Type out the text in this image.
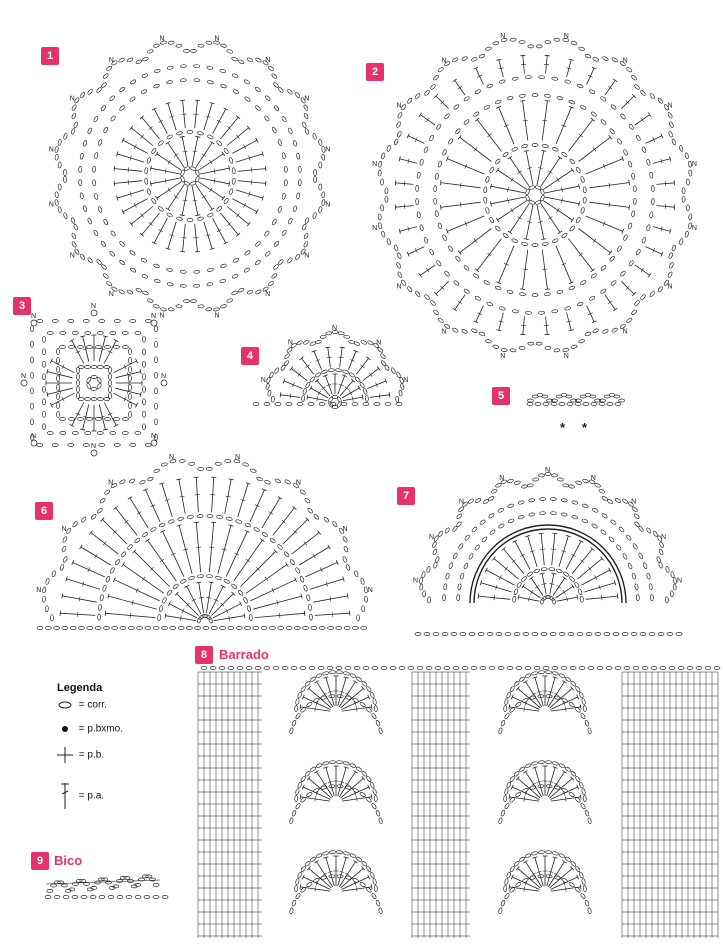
N
N
N
N
N
N
N
N
N
N
N
N	N
N
N
N
N
N
N
N
N
N
N
N
N
N
N
N	N
N
N
N
N
N
N
N
N	N
N
N
N
N
N
N
N
* *
N
N
N
N	N
N
N
N
N
N
N
N
N
N
N
N
N
1
2
3
4
5
6
7
8 Barrado
9 Bico
Legenda
= corr.
= p.bxmo.
= p.b.
= p.a.
